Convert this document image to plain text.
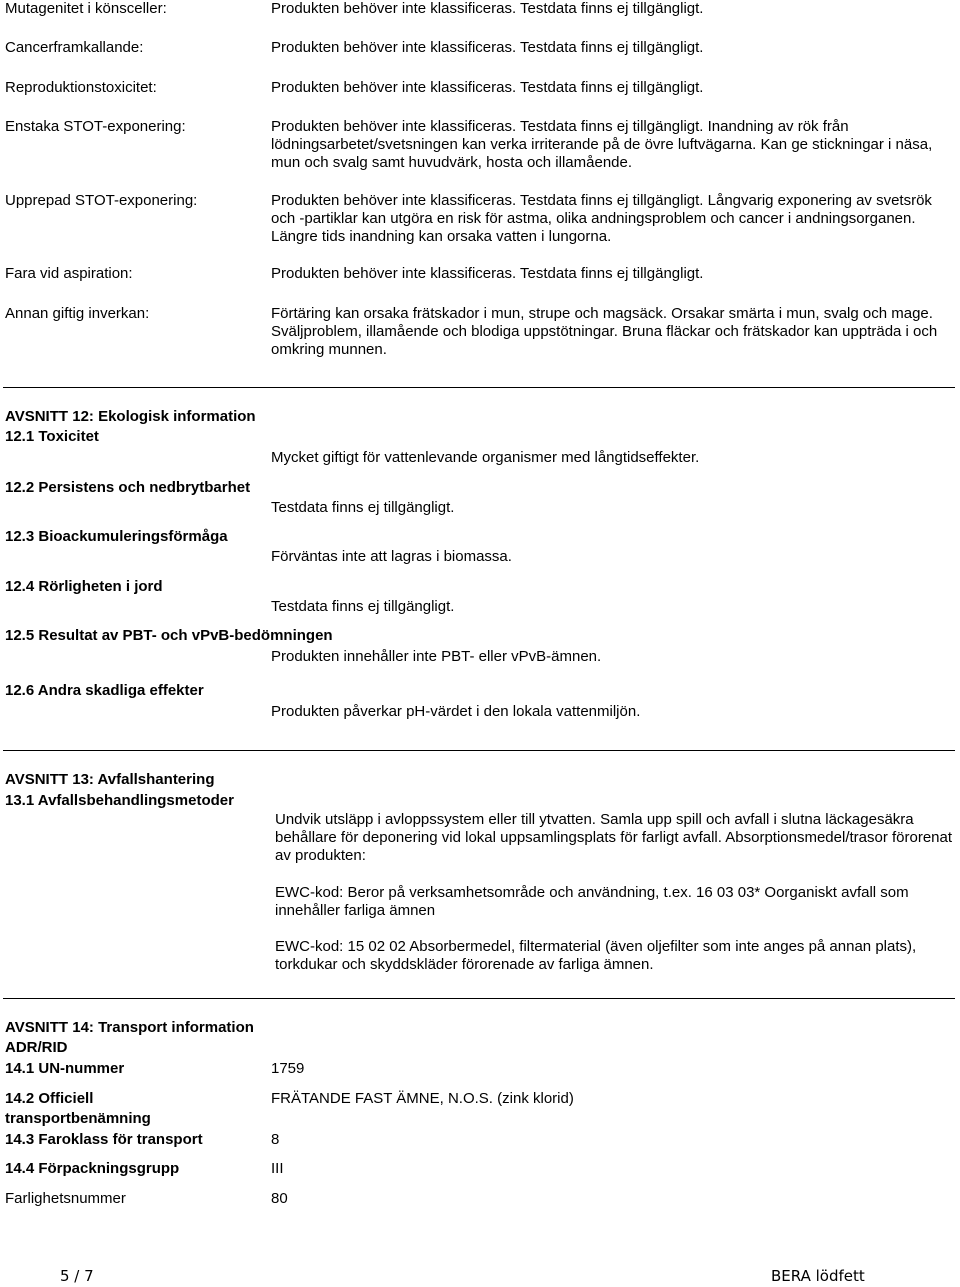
Mutagenitet i könsceller:	Produkten behöver inte klassificeras. Testdata finns ej tillgängligt.
Cancerframkallande:	Produkten behöver inte klassificeras. Testdata finns ej tillgängligt.
Reproduktionstoxicitet:	Produkten behöver inte klassificeras. Testdata finns ej tillgängligt.
Enstaka STOT-exponering:	Produkten behöver inte klassificeras. Testdata finns ej tillgängligt. Inandning av rök från lödningsarbetet/svetsningen kan verka irriterande på de övre luftvägarna. Kan ge stickningar i näsa, mun och svalg samt huvudvärk, hosta och illamående.
Upprepad STOT-exponering:	Produkten behöver inte klassificeras. Testdata finns ej tillgängligt. Långvarig exponering av svetsrök och -partiklar kan utgöra en risk för astma, olika andningsproblem och cancer i andningsorganen. Längre tids inandning kan orsaka vatten i lungorna.
Fara vid aspiration:	Produkten behöver inte klassificeras. Testdata finns ej tillgängligt.
Annan giftig inverkan:	Förtäring kan orsaka frätskador i mun, strupe och magsäck. Orsakar smärta i mun, svalg och mage. Sväljproblem, illamående och blodiga uppstötningar. Bruna fläckar och frätskador kan uppträda i och omkring munnen.
AVSNITT 12: Ekologisk information
12.1 Toxicitet
Mycket giftigt för vattenlevande organismer med långtidseffekter.
12.2 Persistens och nedbrytbarhet
Testdata finns ej tillgängligt.
12.3 Bioackumuleringsförmåga
Förväntas inte att lagras i biomassa.
12.4 Rörligheten i jord
Testdata finns ej tillgängligt.
12.5 Resultat av PBT- och vPvB-bedömningen
Produkten innehåller inte PBT- eller vPvB-ämnen.
12.6 Andra skadliga effekter
Produkten påverkar pH-värdet i den lokala vattenmiljön.
AVSNITT 13: Avfallshantering
13.1 Avfallsbehandlingsmetoder
Undvik utsläpp i avloppssystem eller till ytvatten. Samla upp spill och avfall i slutna läckagesäkra behållare för deponering vid lokal uppsamlingsplats för farligt avfall. Absorptionsmedel/trasor förorenat av produkten:
EWC-kod: Beror på verksamhetsområde och användning, t.ex. 16 03 03* Oorganiskt avfall som innehåller farliga ämnen
EWC-kod: 15 02 02 Absorbermedel, filtermaterial (även oljefilter som inte anges på annan plats), torkdukar och skyddskläder förorenade av farliga ämnen.
AVSNITT 14: Transport information
ADR/RID
14.1 UN-nummer	1759
14.2 Officiell
transportbenämning
FRÄTANDE FAST ÄMNE, N.O.S. (zink klorid)
14.3 Faroklass för transport	8
14.4 Förpackningsgrupp	III
Farlighetsnummer	80
5 / 7	BERA lödfett
